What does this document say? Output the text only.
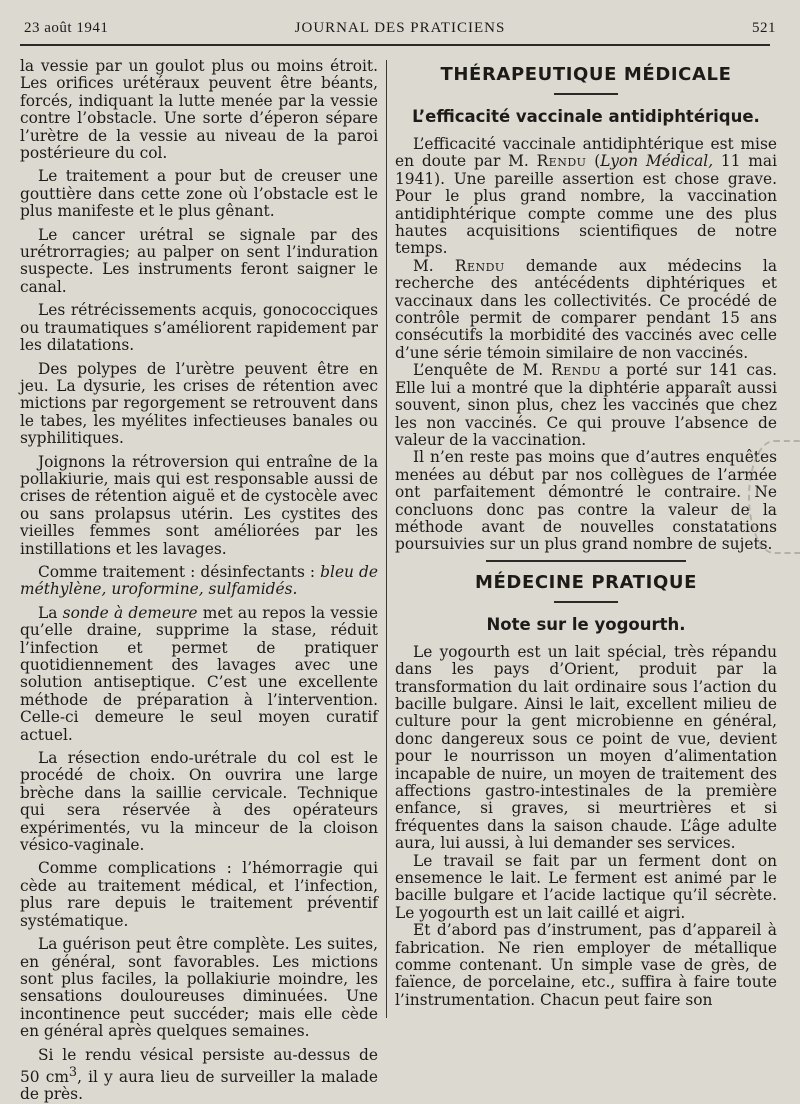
23 août 1941	JOURNAL DES PRATICIENS	521

la vessie par un goulot plus ou moins étroit. Les orifices urétéraux peuvent être béants, forcés, indiquant la lutte menée par la vessie contre l’obstacle. Une sorte d’éperon sépare l’urètre de la vessie au niveau de la paroi postérieure du col.

Le traitement a pour but de creuser une gouttière dans cette zone où l’obstacle est le plus manifeste et le plus gênant.

Le cancer urétral se signale par des urétrorragies; au palper on sent l’induration suspecte. Les instruments feront saigner le canal.

Les rétrécissements acquis, gonococciques ou traumatiques s’améliorent rapidement par les dilatations.

Des polypes de l’urètre peuvent être en jeu. La dysurie, les crises de rétention avec mictions par regorgement se retrouvent dans le tabes, les myélites infectieuses banales ou syphilitiques.

Joignons la rétroversion qui entraîne de la pollakiurie, mais qui est responsable aussi de crises de rétention aiguë et de cystocèle avec ou sans prolapsus utérin. Les cystites des vieilles femmes sont améliorées par les instillations et les lavages.

Comme traitement : désinfectants : bleu de méthylène, uroformine, sulfamidés.

La sonde à demeure met au repos la vessie qu’elle draine, supprime la stase, réduit l’infection et permet de pratiquer quotidiennement des lavages avec une solution antiseptique. C’est une excellente méthode de préparation à l’intervention. Celle-ci demeure le seul moyen curatif actuel.

La résection endo-urétrale du col est le procédé de choix. On ouvrira une large brèche dans la saillie cervicale. Technique qui sera réservée à des opérateurs expérimentés, vu la minceur de la cloison vésico-vaginale.

Comme complications : l’hémorragie qui cède au traitement médical, et l’infection, plus rare depuis le traitement préventif systématique.

La guérison peut être complète. Les suites, en général, sont favorables. Les mictions sont plus faciles, la pollakiurie moindre, les sensations douloureuses diminuées. Une incontinence peut succéder; mais elle cède en général après quelques semaines.

Si le rendu vésical persiste au-dessus de 50 $cm^3$, il y aura lieu de surveiller la malade de près.

THÉRAPEUTIQUE MÉDICALE
L’efficacité vaccinale antidiphtérique.

L’efficacité vaccinale antidiphtérique est mise en doute par M. Rendu (Lyon Médical, 11 mai 1941). Une pareille assertion est chose grave. Pour le plus grand nombre, la vaccination antidiphtérique compte comme une des plus hautes acquisitions scientifiques de notre temps.

M. Rendu demande aux médecins la recherche des antécédents diphtériques et vaccinaux dans les collectivités. Ce procédé de contrôle permit de comparer pendant 15 ans consécutifs la morbidité des vaccinés avec celle d’une série témoin similaire de non vaccinés.

L’enquête de M. Rendu a porté sur 141 cas. Elle lui a montré que la diphtérie apparaît aussi souvent, sinon plus, chez les vaccinés que chez les non vaccinés. Ce qui prouve l’absence de valeur de la vaccination.

Il n’en reste pas moins que d’autres enquêtes menées au début par nos collègues de l’armée ont parfaitement démontré le contraire. Ne concluons donc pas contre la valeur de la méthode avant de nouvelles constatations poursuivies sur un plus grand nombre de sujets.

MÉDECINE PRATIQUE
Note sur le yogourth.

Le yogourth est un lait spécial, très répandu dans les pays d’Orient, produit par la transformation du lait ordinaire sous l’action du bacille bulgare. Ainsi le lait, excellent milieu de culture pour la gent microbienne en général, donc dangereux sous ce point de vue, devient pour le nourrisson un moyen d’alimentation incapable de nuire, un moyen de traitement des affections gastro-intestinales de la première enfance, si graves, si meurtrières et si fréquentes dans la saison chaude. L’âge adulte aura, lui aussi, à lui demander ses services.

Le travail se fait par un ferment dont on ensemence le lait. Le ferment est animé par le bacille bulgare et l’acide lactique qu’il sécrète. Le yogourth est un lait caillé et aigri.

Et d’abord pas d’instrument, pas d’appareil à fabrication. Ne rien employer de métallique comme contenant. Un simple vase de grès, de faïence, de porcelaine, etc., suffira à faire toute l’instrumentation. Chacun peut faire son
